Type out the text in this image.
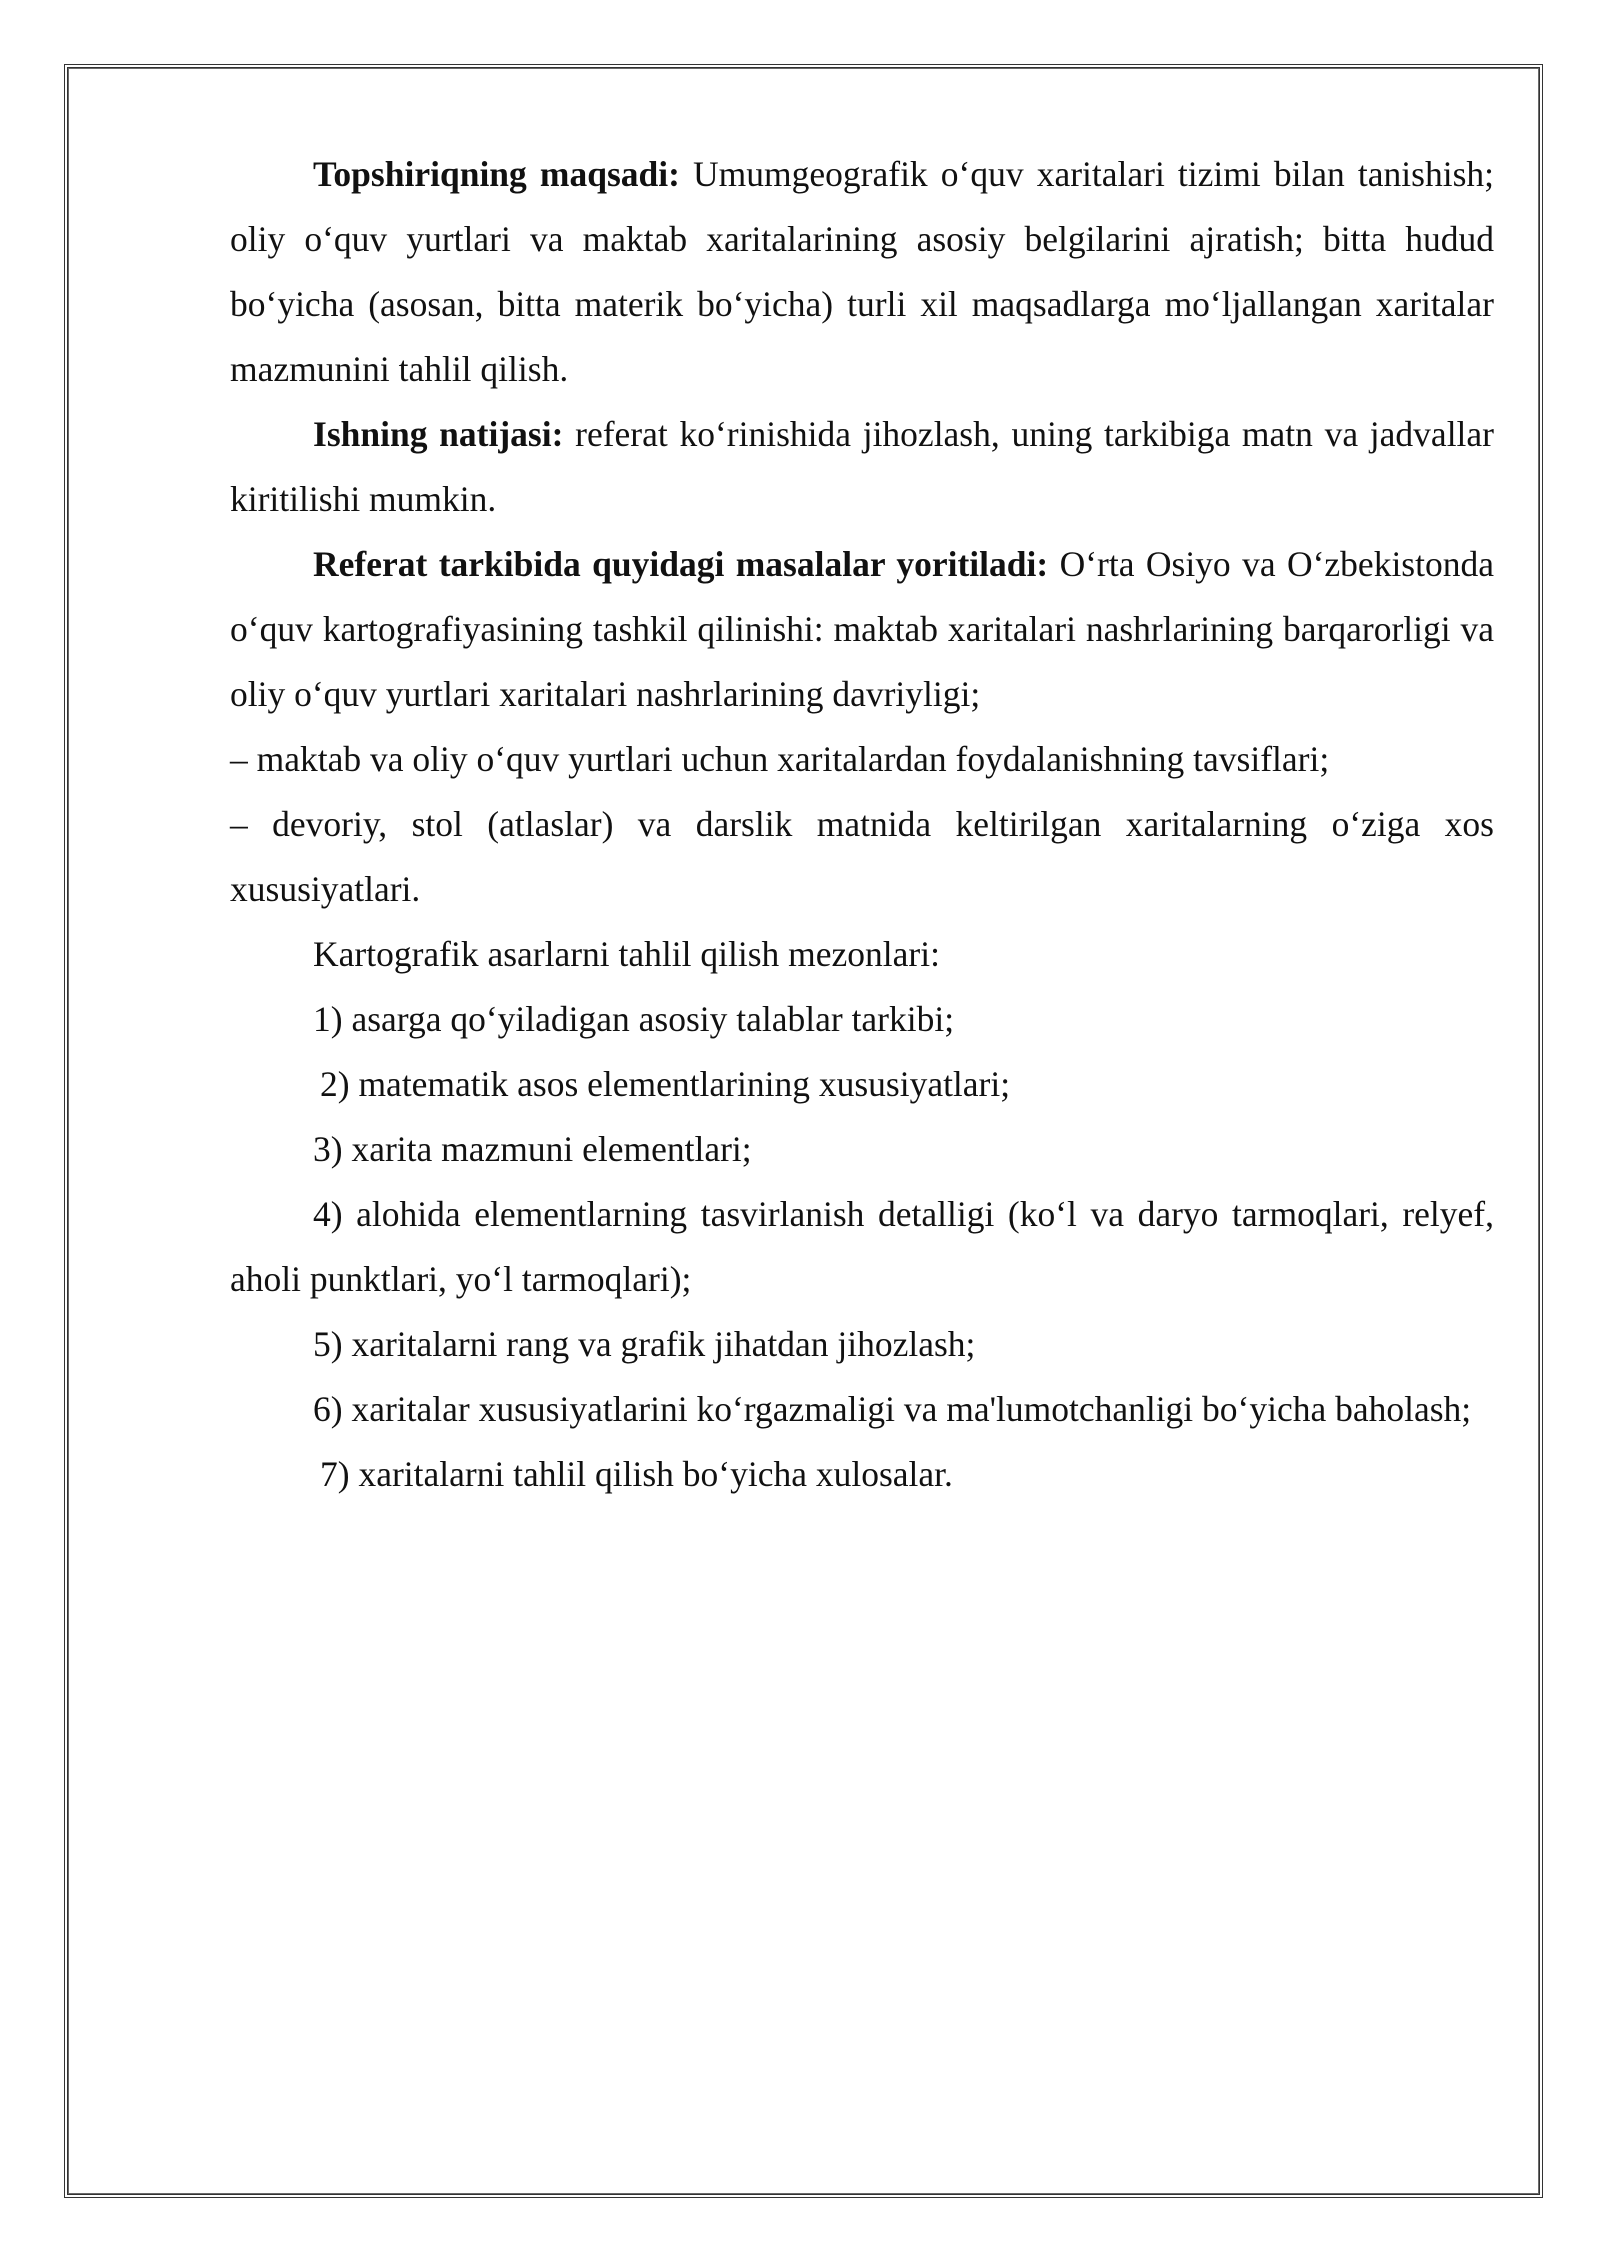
Topshiriqning maqsadi: Umumgeografik o‘quv xaritalari tizimi bilan tanishish; oliy o‘quv yurtlari va maktab xaritalarining asosiy belgilarini ajratish; bitta hudud bo‘yicha (asosan, bitta materik bo‘yicha) turli xil maqsadlarga mo‘ljallangan xaritalar mazmunini tahlil qilish.

Ishning natijasi: referat ko‘rinishida jihozlash, uning tarkibiga matn va jadvallar kiritilishi mumkin.

Referat tarkibida quyidagi masalalar yoritiladi: O‘rta Osiyo va O‘zbekistonda o‘quv kartografiyasining tashkil qilinishi: maktab xaritalari nashrlarining barqarorligi va oliy o‘quv yurtlari xaritalari nashrlarining davriyligi;

– maktab va oliy o‘quv yurtlari uchun xaritalardan foydalanishning tavsiflari;

– devoriy, stol (atlaslar) va darslik matnida keltirilgan xaritalarning o‘ziga xos xususiyatlari.

Kartografik asarlarni tahlil qilish mezonlari:

1) asarga qo‘yiladigan asosiy talablar tarkibi;

2) matematik asos elementlarining xususiyatlari;

3) xarita mazmuni elementlari;

4) alohida elementlarning tasvirlanish detalligi (ko‘l va daryo tarmoqlari, relyef, aholi punktlari, yo‘l tarmoqlari);

5) xaritalarni rang va grafik jihatdan jihozlash;

6) xaritalar xususiyatlarini ko‘rgazmaligi va ma'lumotchanligi bo‘yicha baholash;

7) xaritalarni tahlil qilish bo‘yicha xulosalar.
